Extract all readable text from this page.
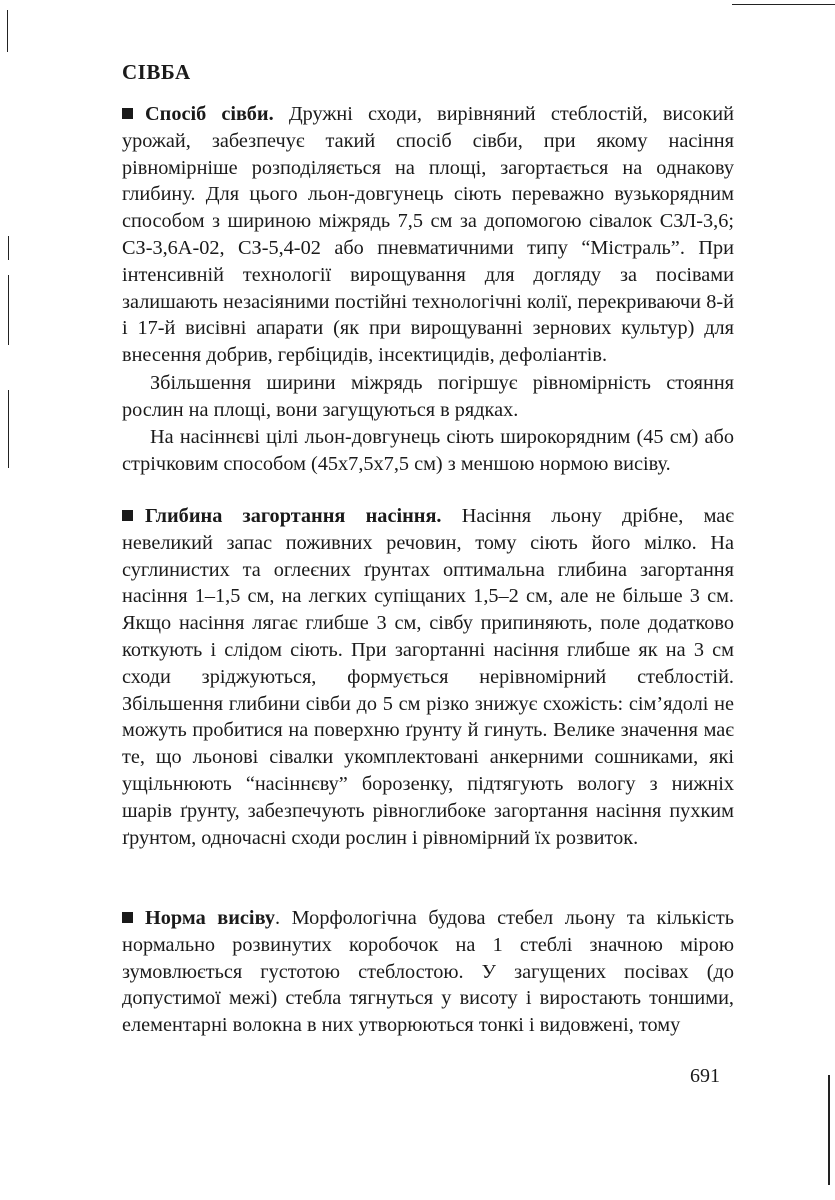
СІВБА

Спосіб сівби. Дружні сходи, вирівняний стеблостій, високий урожай, забезпечує такий спосіб сівби, при якому насіння рівномірніше розподіляється на площі, загортається на однакову глибину. Для цього льон-довгунець сіють переважно вузькорядним способом з шириною міжрядь 7,5 см за допомогою сівалок СЗЛ-3,6; СЗ-3,6А-02, СЗ-5,4-02 або пневматичними типу “Містраль”. При інтенсивній технології вирощування для догляду за посівами залишають незасіяними постійні технологічні колії, перекриваючи 8-й і 17-й висівні апарати (як при вирощуванні зернових культур) для внесення добрив, гербіцидів, інсектицидів, дефоліантів.

Збільшення ширини міжрядь погіршує рівномірність стояння рослин на площі, вони загущуються в рядках.

На насіннєві цілі льон-довгунець сіють широкорядним (45 см) або стрічковим способом (45х7,5х7,5 см) з меншою нормою висіву.

Глибина загортання насіння. Насіння льону дрібне, має невеликий запас поживних речовин, тому сіють його мілко. На суглинистих та оглеєних ґрунтах оптимальна глибина загортання насіння 1–1,5 см, на легких супіщаних 1,5–2 см, але не більше 3 см. Якщо насіння лягає глибше 3 см, сівбу припиняють, поле додатково коткують і слідом сіють. При загортанні насіння глибше як на 3 см сходи зріджуються, формується нерівномірний стеблостій. Збільшення глибини сівби до 5 см різко знижує схожість: сім’ядолі не можуть пробитися на поверхню ґрунту й гинуть. Велике значення має те, що льонові сівалки укомплектовані анкерними сошниками, які ущільнюють “насіннєву” борозенку, підтягують вологу з нижніх шарів ґрунту, забезпечують рівноглибоке загортання насіння пухким ґрунтом, одночасні сходи рослин і рівномірний їх розвиток.

Норма висіву. Морфологічна будова стебел льону та кількість нормально розвинутих коробочок на 1 стеблі значною мірою зумовлюється густотою стеблостою. У загущених посівах (до допустимої межі) стебла тягнуться у висоту і виростають тоншими, елементарні волокна в них утворюються тонкі і видовжені, тому

691
